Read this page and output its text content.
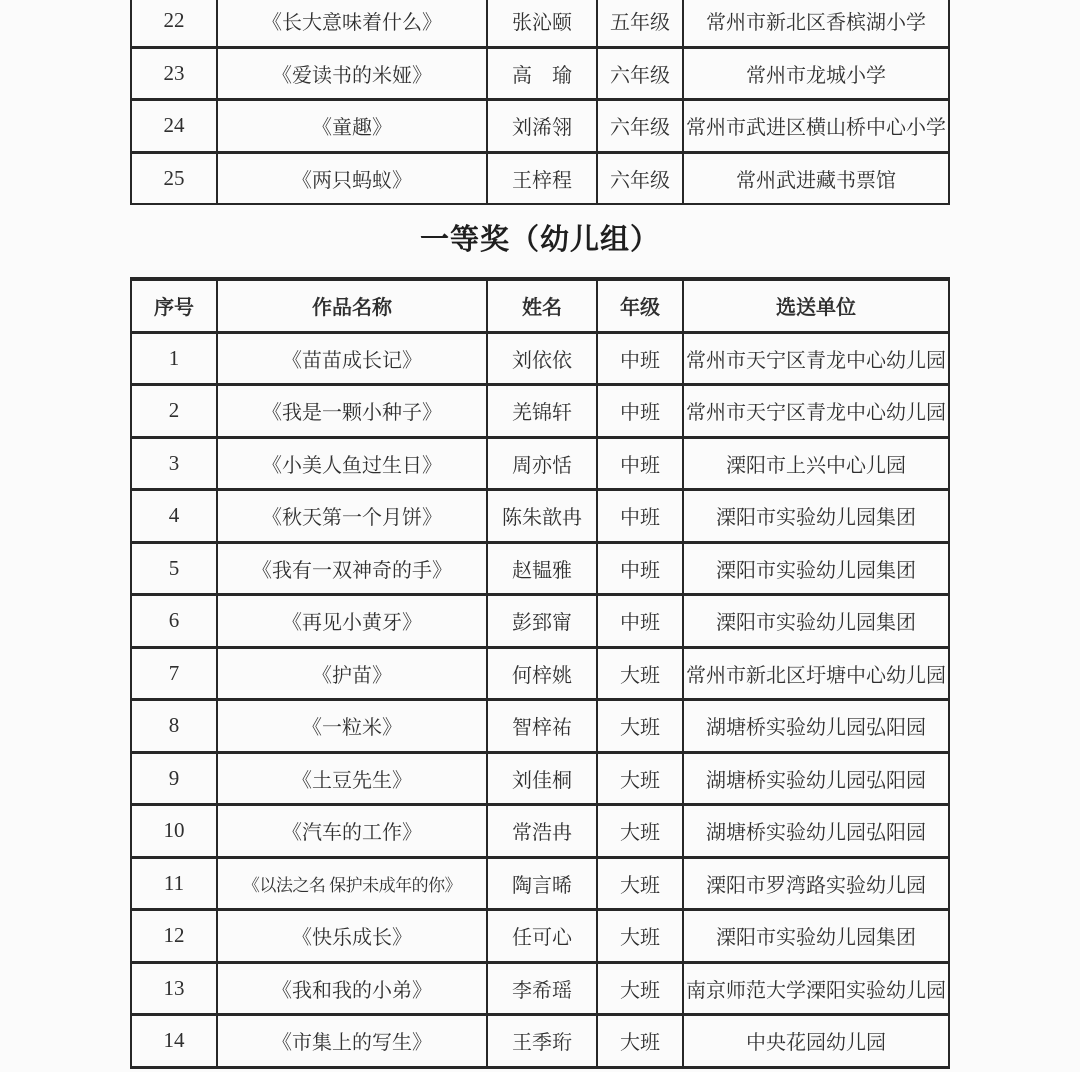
22	《长大意味着什么》	张沁颐	五年级	常州市新北区香槟湖小学
23	《爱读书的米娅》	高　瑜	六年级	常州市龙城小学
24	《童趣》	刘浠翎	六年级	常州市武进区横山桥中心小学
25	《两只蚂蚁》	王梓程	六年级	常州武进藏书票馆
一等奖（幼儿组）
序号	作品名称	姓名	年级	选送单位
1	《苗苗成长记》	刘依依	中班	常州市天宁区青龙中心幼儿园
2	《我是一颗小种子》	羌锦轩	中班	常州市天宁区青龙中心幼儿园
3	《小美人鱼过生日》	周亦恬	中班	溧阳市上兴中心儿园
4	《秋天第一个月饼》	陈朱歆冉	中班	溧阳市实验幼儿园集团
5	《我有一双神奇的手》	赵韫雅	中班	溧阳市实验幼儿园集团
6	《再见小黄牙》	彭郅甯	中班	溧阳市实验幼儿园集团
7	《护苗》	何梓姚	大班	常州市新北区圩塘中心幼儿园
8	《一粒米》	智梓祐	大班	湖塘桥实验幼儿园弘阳园
9	《土豆先生》	刘佳桐	大班	湖塘桥实验幼儿园弘阳园
10	《汽车的工作》	常浩冉	大班	湖塘桥实验幼儿园弘阳园
11	《以法之名 保护未成年的你》	陶言晞	大班	溧阳市罗湾路实验幼儿园
12	《快乐成长》	任可心	大班	溧阳市实验幼儿园集团
13	《我和我的小弟》	李希瑶	大班	南京师范大学溧阳实验幼儿园
14	《市集上的写生》	王季珩	大班	中央花园幼儿园
